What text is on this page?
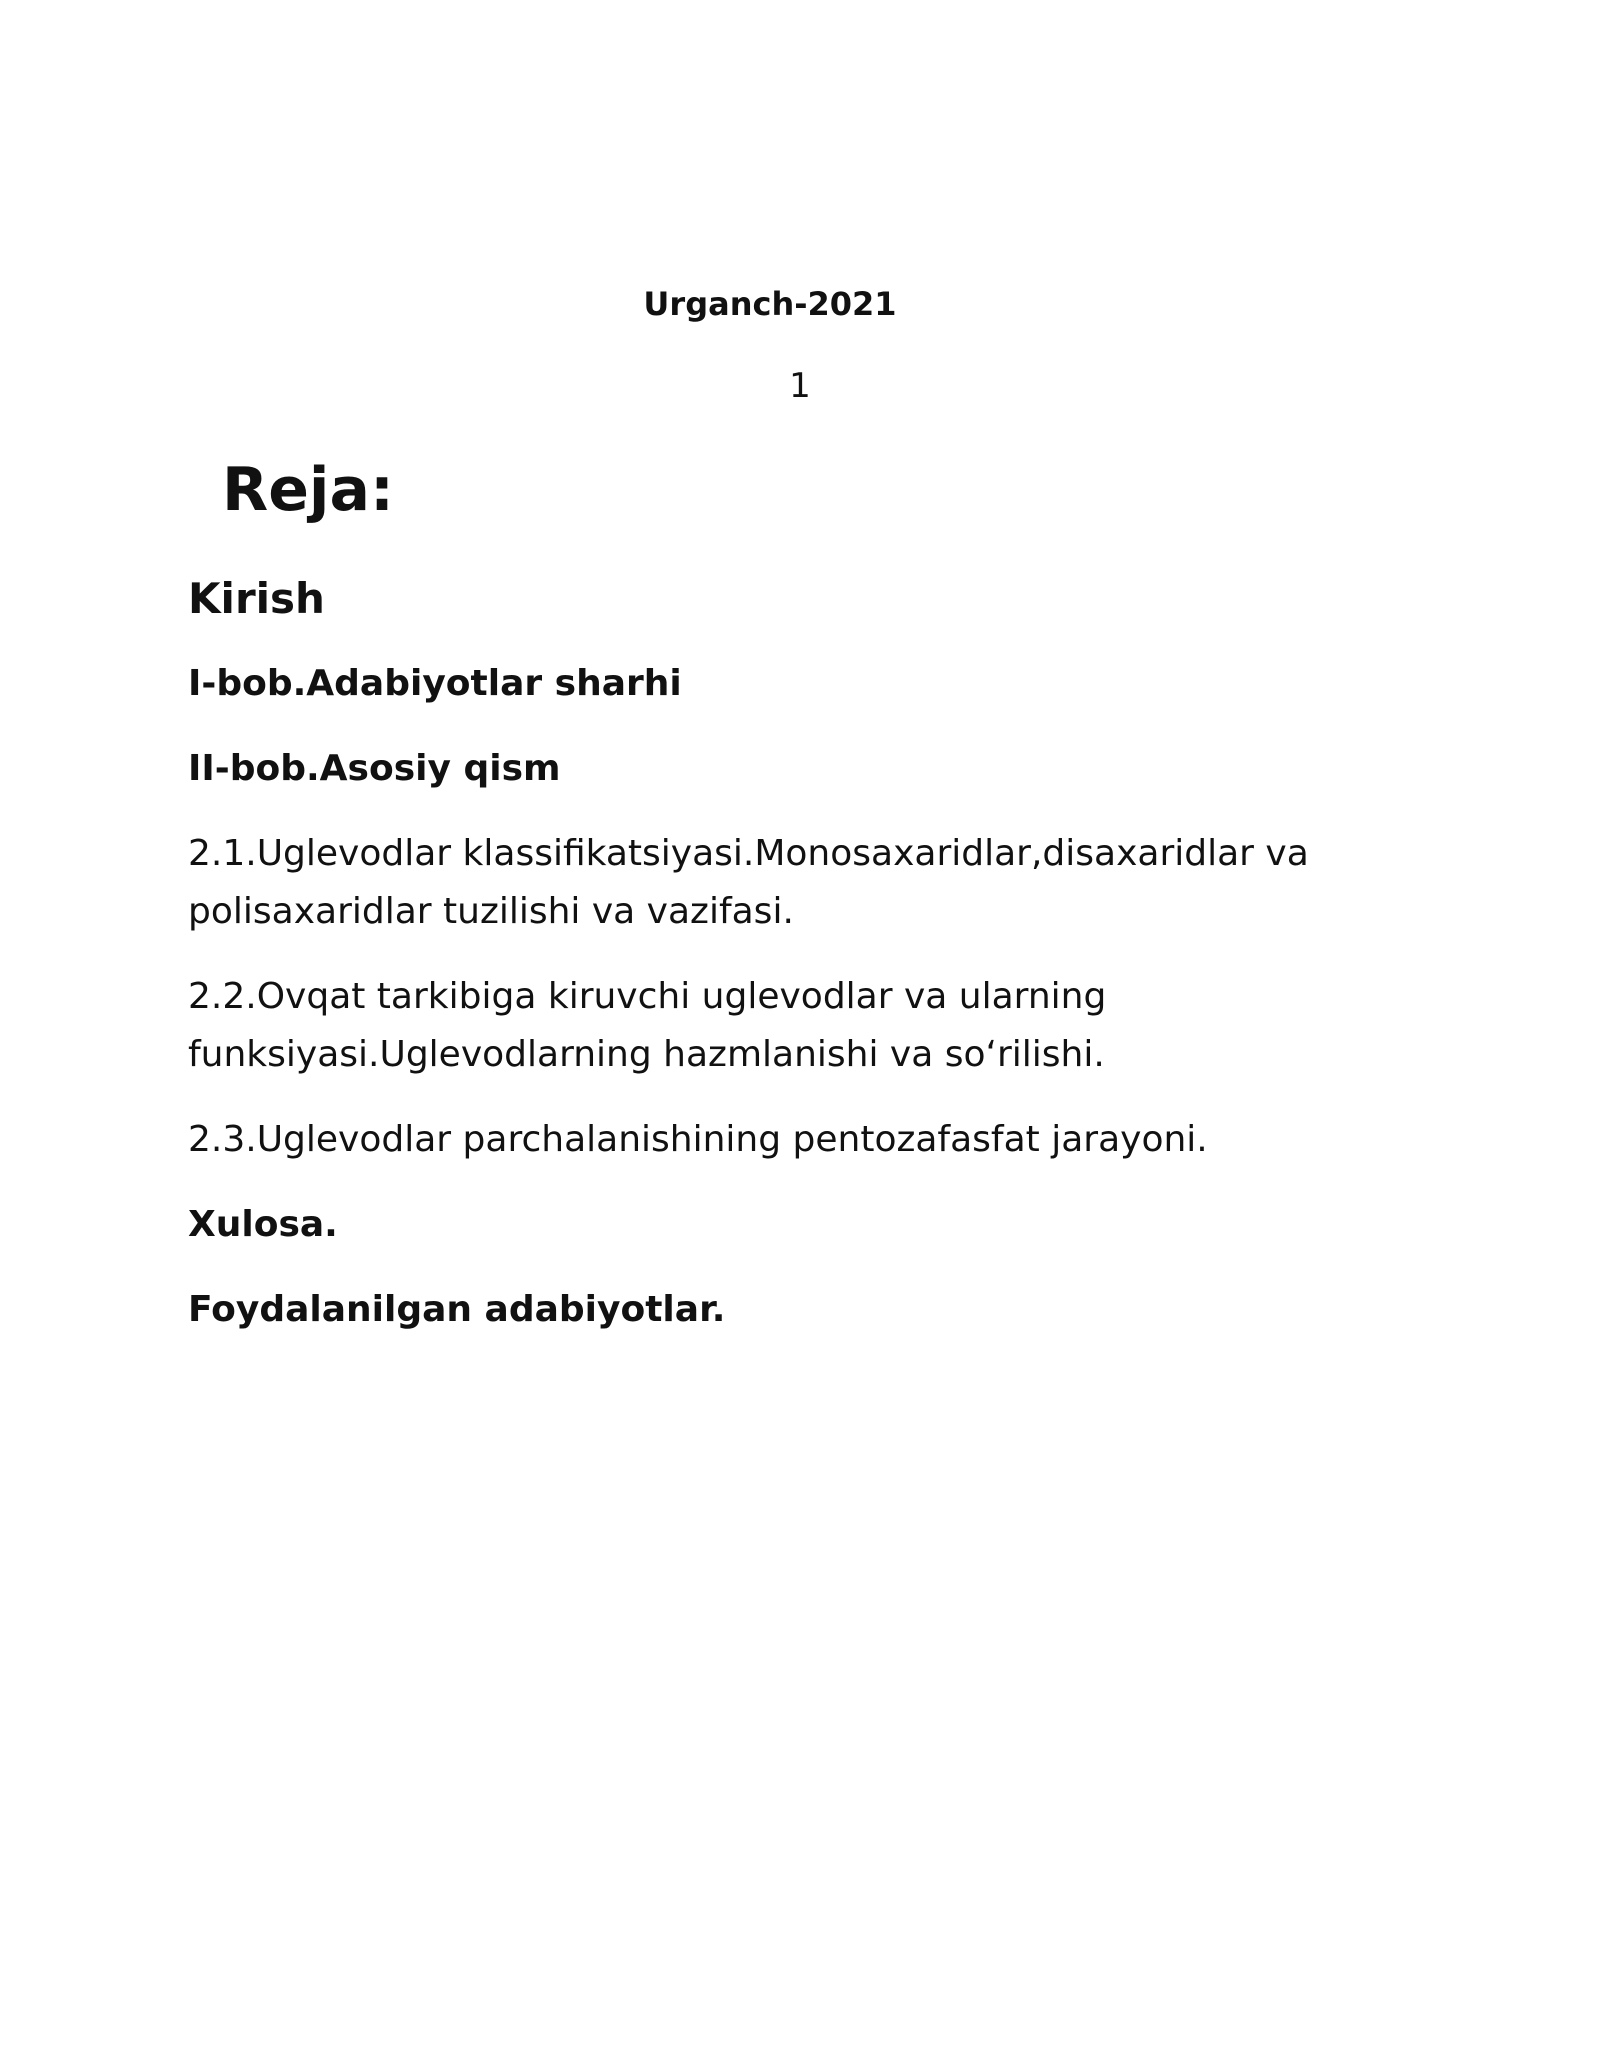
Urganch-2021
1
Reja:

Kirish

I-bob.Adabiyotlar sharhi

II-bob.Asosiy qism

2.1.Uglevodlar klassifikatsiyasi.Monosaxaridlar,disaxaridlar va polisaxaridlar tuzilishi va vazifasi.

2.2.Ovqat tarkibiga kiruvchi uglevodlar va ularning funksiyasi.Uglevodlarning hazmlanishi va so‘rilishi.

2.3.Uglevodlar parchalanishining pentozafasfat jarayoni.

Xulosa.

Foydalanilgan adabiyotlar.
